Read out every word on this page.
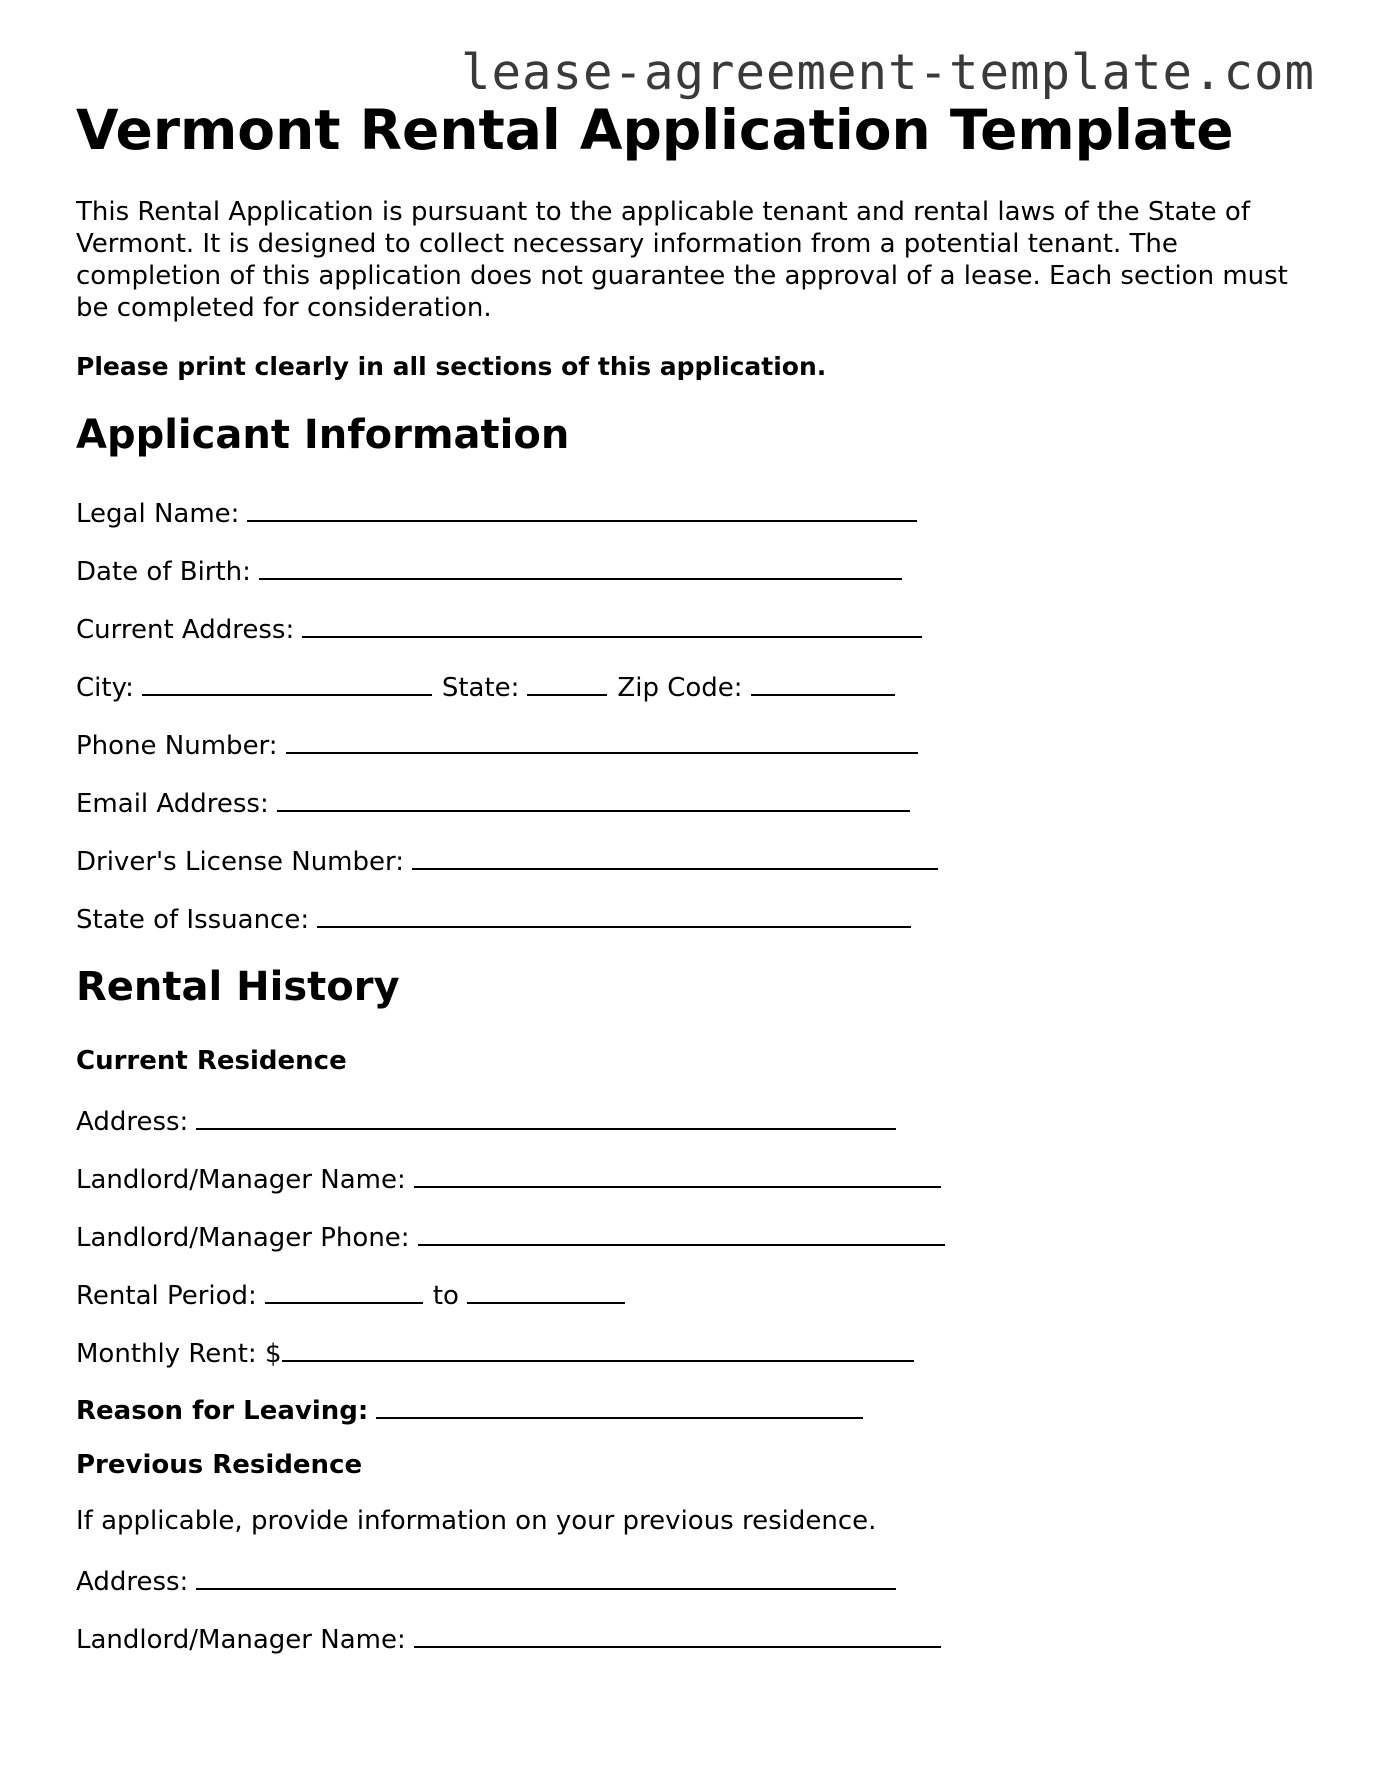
lease-agreement-template.com
Vermont Rental Application Template

This Rental Application is pursuant to the applicable tenant and rental laws of the State of Vermont. It is designed to collect necessary information from a potential tenant. The completion of this application does not guarantee the approval of a lease. Each section must be completed for consideration.

Please print clearly in all sections of this application.

Applicant Information
Legal Name:
Date of Birth:
Current Address:
City:	State:	Zip Code:
Phone Number:
Email Address:
Driver's License Number:
State of Issuance:
Rental History
Current Residence
Address:
Landlord/Manager Name:
Landlord/Manager Phone:
Rental Period:	to
Monthly Rent: $
Reason for Leaving:
Previous Residence
If applicable, provide information on your previous residence.
Address:
Landlord/Manager Name:
